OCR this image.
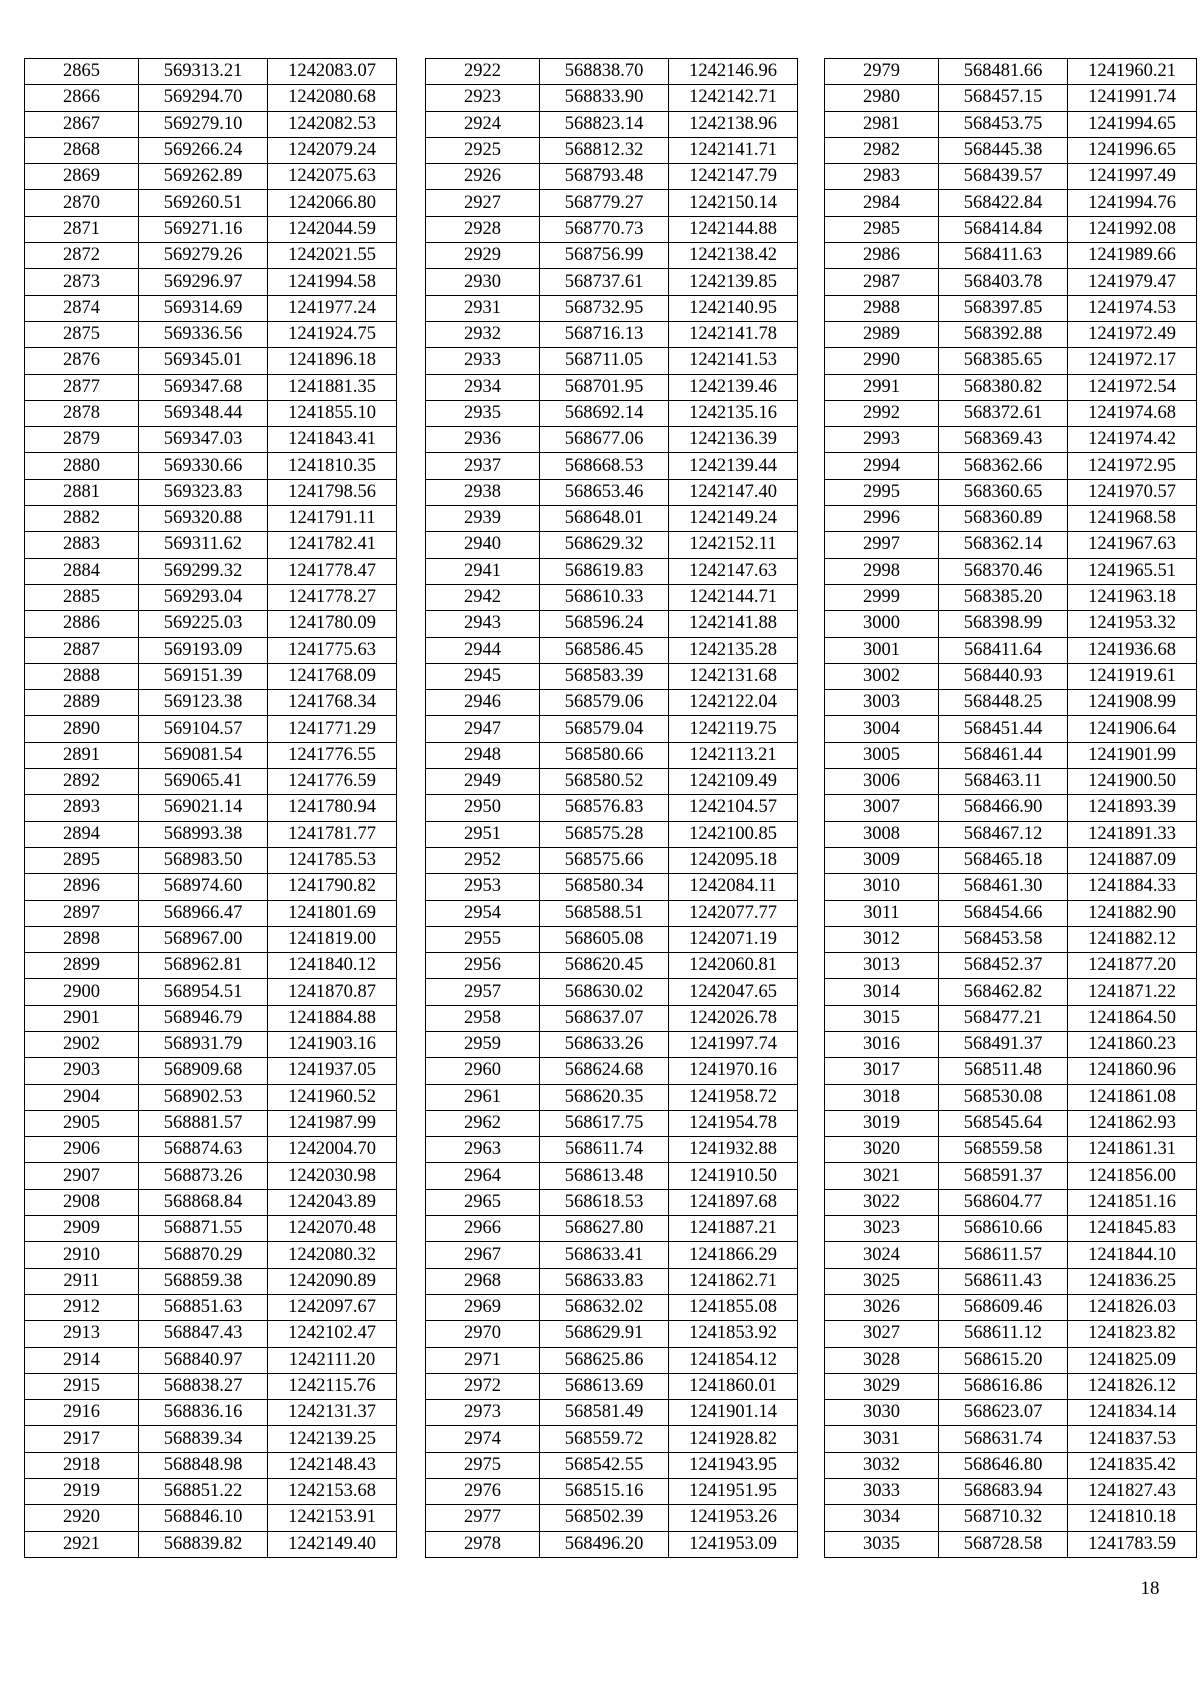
2865	569313.21	1242083.07
2866	569294.70	1242080.68
2867	569279.10	1242082.53
2868	569266.24	1242079.24
2869	569262.89	1242075.63
2870	569260.51	1242066.80
2871	569271.16	1242044.59
2872	569279.26	1242021.55
2873	569296.97	1241994.58
2874	569314.69	1241977.24
2875	569336.56	1241924.75
2876	569345.01	1241896.18
2877	569347.68	1241881.35
2878	569348.44	1241855.10
2879	569347.03	1241843.41
2880	569330.66	1241810.35
2881	569323.83	1241798.56
2882	569320.88	1241791.11
2883	569311.62	1241782.41
2884	569299.32	1241778.47
2885	569293.04	1241778.27
2886	569225.03	1241780.09
2887	569193.09	1241775.63
2888	569151.39	1241768.09
2889	569123.38	1241768.34
2890	569104.57	1241771.29
2891	569081.54	1241776.55
2892	569065.41	1241776.59
2893	569021.14	1241780.94
2894	568993.38	1241781.77
2895	568983.50	1241785.53
2896	568974.60	1241790.82
2897	568966.47	1241801.69
2898	568967.00	1241819.00
2899	568962.81	1241840.12
2900	568954.51	1241870.87
2901	568946.79	1241884.88
2902	568931.79	1241903.16
2903	568909.68	1241937.05
2904	568902.53	1241960.52
2905	568881.57	1241987.99
2906	568874.63	1242004.70
2907	568873.26	1242030.98
2908	568868.84	1242043.89
2909	568871.55	1242070.48
2910	568870.29	1242080.32
2911	568859.38	1242090.89
2912	568851.63	1242097.67
2913	568847.43	1242102.47
2914	568840.97	1242111.20
2915	568838.27	1242115.76
2916	568836.16	1242131.37
2917	568839.34	1242139.25
2918	568848.98	1242148.43
2919	568851.22	1242153.68
2920	568846.10	1242153.91
2921	568839.82	1242149.40
2922	568838.70	1242146.96
2923	568833.90	1242142.71
2924	568823.14	1242138.96
2925	568812.32	1242141.71
2926	568793.48	1242147.79
2927	568779.27	1242150.14
2928	568770.73	1242144.88
2929	568756.99	1242138.42
2930	568737.61	1242139.85
2931	568732.95	1242140.95
2932	568716.13	1242141.78
2933	568711.05	1242141.53
2934	568701.95	1242139.46
2935	568692.14	1242135.16
2936	568677.06	1242136.39
2937	568668.53	1242139.44
2938	568653.46	1242147.40
2939	568648.01	1242149.24
2940	568629.32	1242152.11
2941	568619.83	1242147.63
2942	568610.33	1242144.71
2943	568596.24	1242141.88
2944	568586.45	1242135.28
2945	568583.39	1242131.68
2946	568579.06	1242122.04
2947	568579.04	1242119.75
2948	568580.66	1242113.21
2949	568580.52	1242109.49
2950	568576.83	1242104.57
2951	568575.28	1242100.85
2952	568575.66	1242095.18
2953	568580.34	1242084.11
2954	568588.51	1242077.77
2955	568605.08	1242071.19
2956	568620.45	1242060.81
2957	568630.02	1242047.65
2958	568637.07	1242026.78
2959	568633.26	1241997.74
2960	568624.68	1241970.16
2961	568620.35	1241958.72
2962	568617.75	1241954.78
2963	568611.74	1241932.88
2964	568613.48	1241910.50
2965	568618.53	1241897.68
2966	568627.80	1241887.21
2967	568633.41	1241866.29
2968	568633.83	1241862.71
2969	568632.02	1241855.08
2970	568629.91	1241853.92
2971	568625.86	1241854.12
2972	568613.69	1241860.01
2973	568581.49	1241901.14
2974	568559.72	1241928.82
2975	568542.55	1241943.95
2976	568515.16	1241951.95
2977	568502.39	1241953.26
2978	568496.20	1241953.09
2979	568481.66	1241960.21
2980	568457.15	1241991.74
2981	568453.75	1241994.65
2982	568445.38	1241996.65
2983	568439.57	1241997.49
2984	568422.84	1241994.76
2985	568414.84	1241992.08
2986	568411.63	1241989.66
2987	568403.78	1241979.47
2988	568397.85	1241974.53
2989	568392.88	1241972.49
2990	568385.65	1241972.17
2991	568380.82	1241972.54
2992	568372.61	1241974.68
2993	568369.43	1241974.42
2994	568362.66	1241972.95
2995	568360.65	1241970.57
2996	568360.89	1241968.58
2997	568362.14	1241967.63
2998	568370.46	1241965.51
2999	568385.20	1241963.18
3000	568398.99	1241953.32
3001	568411.64	1241936.68
3002	568440.93	1241919.61
3003	568448.25	1241908.99
3004	568451.44	1241906.64
3005	568461.44	1241901.99
3006	568463.11	1241900.50
3007	568466.90	1241893.39
3008	568467.12	1241891.33
3009	568465.18	1241887.09
3010	568461.30	1241884.33
3011	568454.66	1241882.90
3012	568453.58	1241882.12
3013	568452.37	1241877.20
3014	568462.82	1241871.22
3015	568477.21	1241864.50
3016	568491.37	1241860.23
3017	568511.48	1241860.96
3018	568530.08	1241861.08
3019	568545.64	1241862.93
3020	568559.58	1241861.31
3021	568591.37	1241856.00
3022	568604.77	1241851.16
3023	568610.66	1241845.83
3024	568611.57	1241844.10
3025	568611.43	1241836.25
3026	568609.46	1241826.03
3027	568611.12	1241823.82
3028	568615.20	1241825.09
3029	568616.86	1241826.12
3030	568623.07	1241834.14
3031	568631.74	1241837.53
3032	568646.80	1241835.42
3033	568683.94	1241827.43
3034	568710.32	1241810.18
3035	568728.58	1241783.59
18
